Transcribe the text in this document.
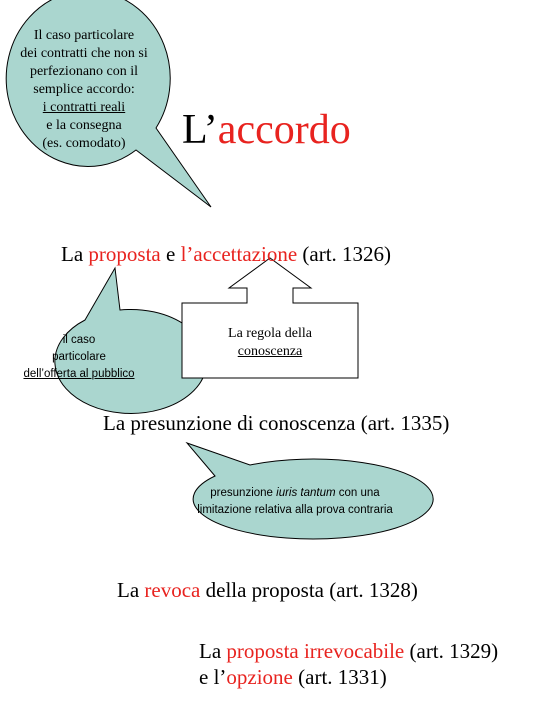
Il caso particolare
dei contratti che non si
perfezionano con il
semplice accordo:
i contratti reali
e la consegna
(es. comodato)	L’accordo
La proposta e l’accettazione (art. 1326)
il caso
particolare
dell’offerta al pubblico
La regola della
conoscenza
La presunzione di conoscenza (art. 1335)
presunzione iuris tantum con una
limitazione relativa alla prova contraria
La revoca della proposta (art. 1328)
La proposta irrevocabile (art. 1329)
e l’opzione (art. 1331)
